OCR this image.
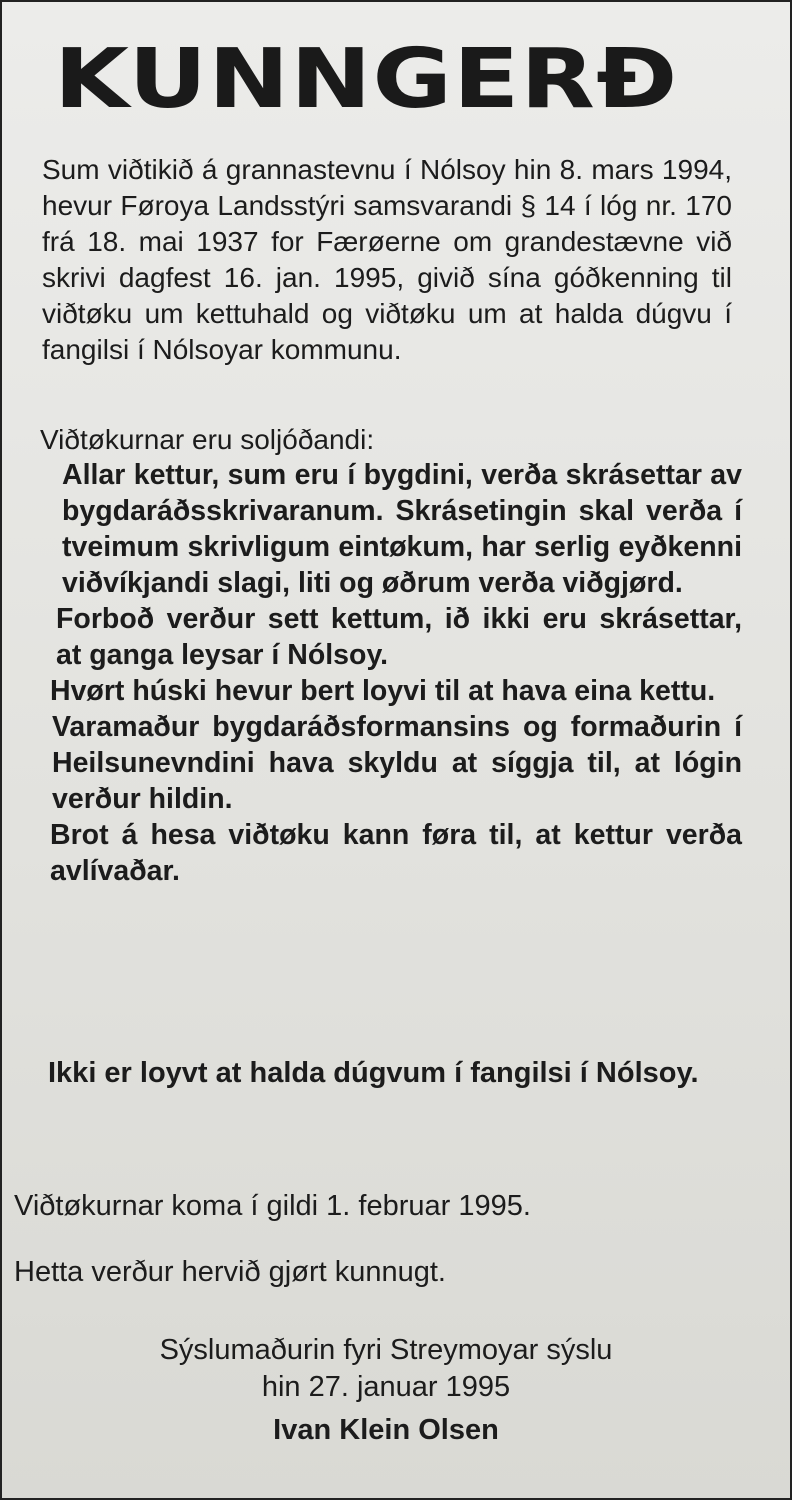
KUNNGERÐ
Sum viðtikið á grannastevnu í Nólsoy hin 8. mars 1994, hevur Føroya Landsstýri samsvarandi § 14 í lóg nr. 170 frá 18. mai 1937 for Færøerne om grandestævne við skrivi dagfest 16. jan. 1995, givið sína góðkenning til viðtøku um kettuhald og viðtøku um at halda dúgvu í fangilsi í Nólsoyar kommunu.
Viðtøkurnar eru soljóðandi:

Allar kettur, sum eru í bygdini, verða skrásettar av bygdaráðsskrivaranum. Skrásetingin skal verða í tveimum skrivligum eintøkum, har serlig eyðkenni viðvíkjandi slagi, liti og øðrum verða viðgjørd.

Forboð verður sett kettum, ið ikki eru skrásettar, at ganga leysar í Nólsoy.

Hvørt húski hevur bert loyvi til at hava eina kettu.

Varamaður bygdaráðsformansins og formaðurin í Heilsunevndini hava skyldu at síggja til, at lógin verður hildin.

Brot á hesa viðtøku kann føra til, at kettur verða avlívaðar.

Ikki er loyvt at halda dúgvum í fangilsi í Nólsoy.
Viðtøkurnar koma í gildi 1. februar 1995.
Hetta verður hervið gjørt kunnugt.
Sýslumaðurin fyri Streymoyar sýslu
hin 27. januar 1995
Ivan Klein Olsen
